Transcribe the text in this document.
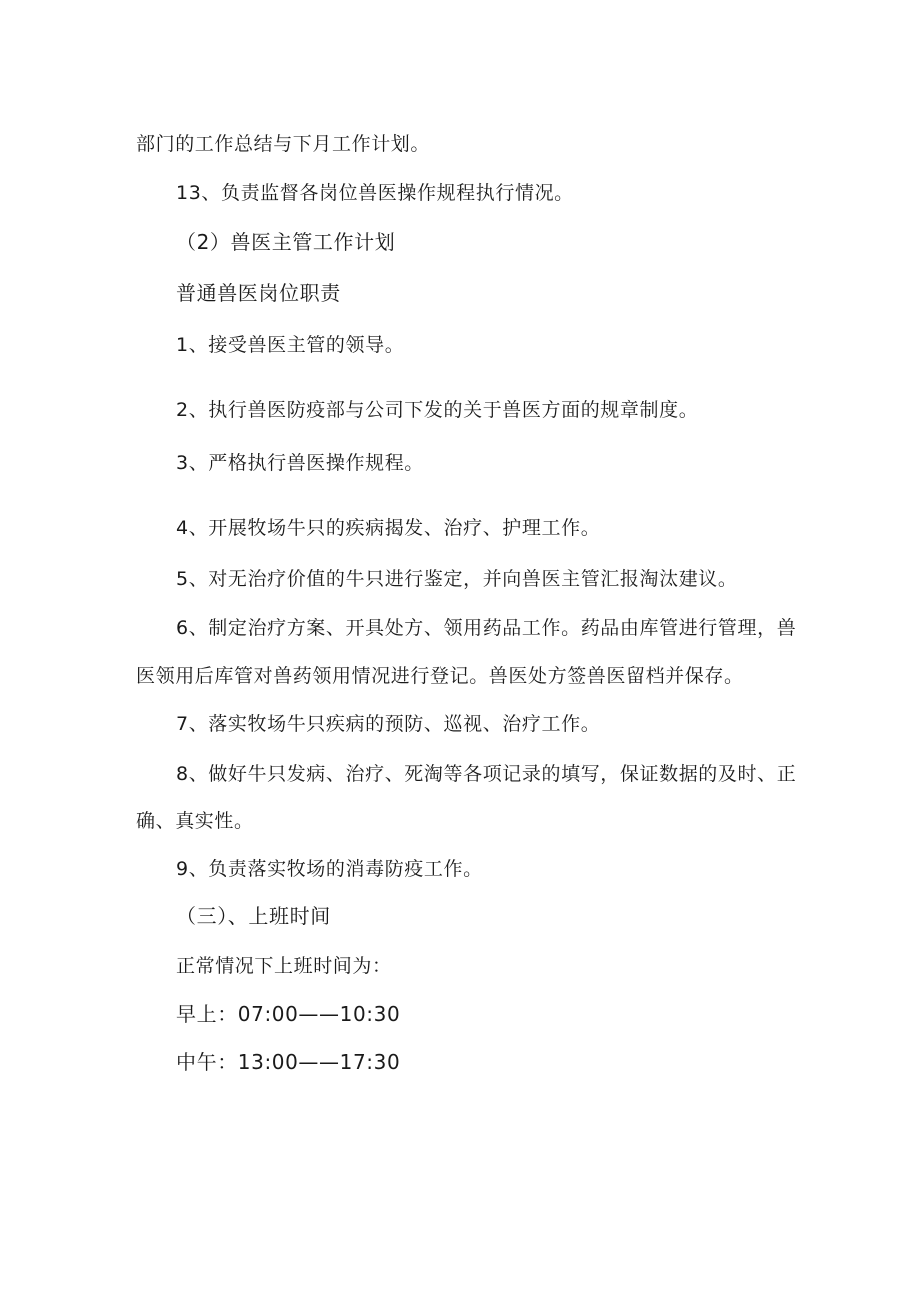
部门的工作总结与下月工作计划。
13、负责监督各岗位兽医操作规程执行情况。
（2）兽医主管工作计划
普通兽医岗位职责
1、接受兽医主管的领导。
2、执行兽医防疫部与公司下发的关于兽医方面的规章制度。
3、严格执行兽医操作规程。
4、开展牧场牛只的疾病揭发、治疗、护理工作。
5、对无治疗价值的牛只进行鉴定，并向兽医主管汇报淘汰建议。
6、制定治疗方案、开具处方、领用药品工作。药品由库管进行管理，兽
医领用后库管对兽药领用情况进行登记。兽医处方签兽医留档并保存。
7、落实牧场牛只疾病的预防、巡视、治疗工作。
8、做好牛只发病、治疗、死淘等各项记录的填写，保证数据的及时、正
确、真实性。
9、负责落实牧场的消毒防疫工作。
（三）、上班时间
正常情况下上班时间为：
早上：07:00——10:30
中午：13:00——17:30
